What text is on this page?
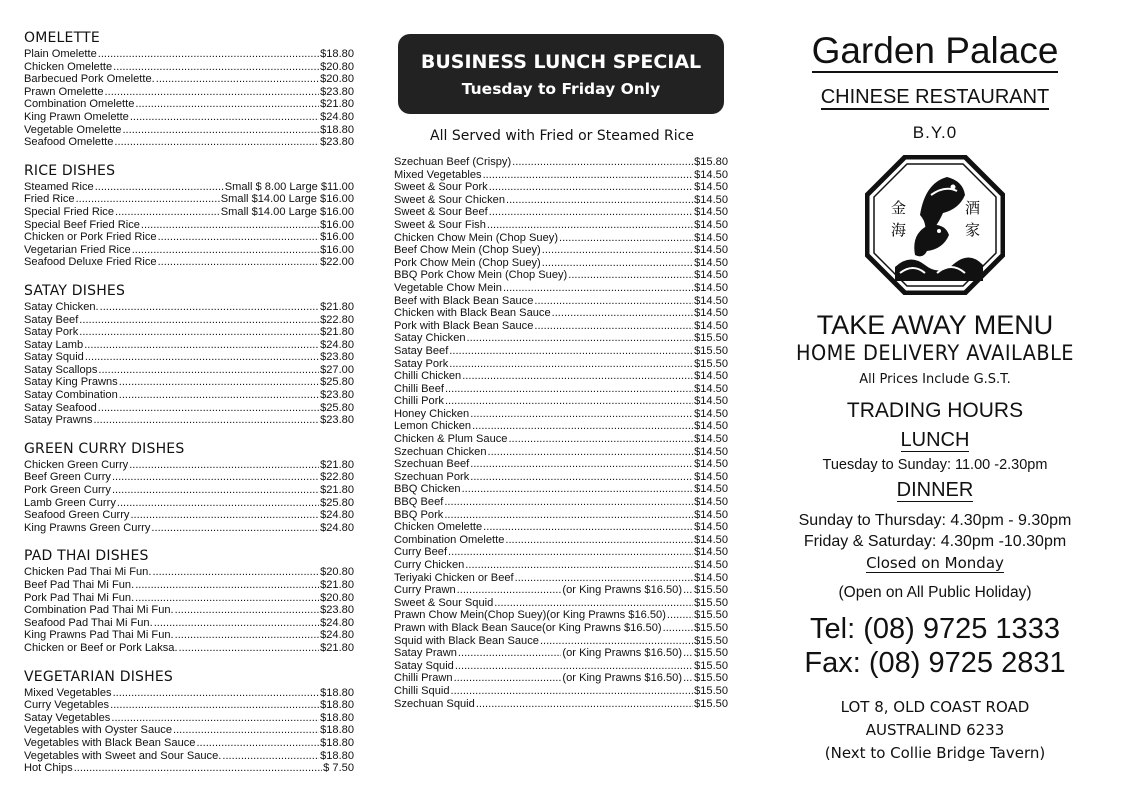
OMELETTE
Plain Omelette .....	$18.80
Chicken Omelette .....	$20.80
Barbecued Pork Omelette. .....	$20.80
Prawn Omelette .....	$23.80
Combination Omelette .....	$21.80
King Prawn Omelette .....	$24.80
Vegetable Omelette .....	$18.80
Seafood Omelette .....	$23.80
RICE DISHES
Steamed Rice .....	Small $ 8.00 Large $11.00
Fried Rice .....	Small $14.00 Large $16.00
Special Fried Rice .....	Small $14.00 Large $16.00
Special Beef Fried Rice .....	$16.00
Chicken or Pork Fried Rice .....	$16.00
Vegetarian Fried Rice .....	$16.00
Seafood Deluxe Fried Rice .....	$22.00
SATAY DISHES
Satay Chicken. .....	$21.80
Satay Beef .....	$22.80
Satay Pork .....	$21.80
Satay Lamb .....	$24.80
Satay Squid .....	$23.80
Satay Scallops .....	$27.00
Satay King Prawns .....	$25.80
Satay Combination .....	$23.80
Satay Seafood .....	$25.80
Satay Prawns .....	$23.80
GREEN CURRY DISHES
Chicken Green Curry .....	$21.80
Beef Green Curry .....	$22.80
Pork Green Curry .....	$21.80
Lamb Green Curry .....	$25.80
Seafood Green Curry .....	$24.80
King Prawns Green Curry .....	$24.80
PAD THAI DISHES
Chicken Pad Thai Mi Fun. .....	$20.80
Beef Pad Thai Mi Fun. .....	$21.80
Pork Pad Thai Mi Fun. .....	$20.80
Combination Pad Thai Mi Fun. .....	$23.80
Seafood Pad Thai Mi Fun. .....	$24.80
King Prawns Pad Thai Mi Fun. .....	$24.80
Chicken or Beef or Pork Laksa. .....	$21.80
VEGETARIAN DISHES
Mixed Vegetables .....	$18.80
Curry Vegetables .....	$18.80
Satay Vegetables .....	$18.80
Vegetables with Oyster Sauce .....	$18.80
Vegetables with Black Bean Sauce .....	$18.80
Vegetables with Sweet and Sour Sauce. .....	$18.80
Hot Chips .....	$ 7.50
BUSINESS LUNCH SPECIAL
Tuesday to Friday Only
All Served with Fried or Steamed Rice
Szechuan Beef (Crispy) .....	$15.80
Mixed Vegetables .....	$14.50
Sweet & Sour Pork .....	$14.50
Sweet & Sour Chicken .....	$14.50
Sweet & Sour Beef .....	$14.50
Sweet & Sour Fish .....	$14.50
Chicken Chow Mein (Chop Suey) .....	$14.50
Beef Chow Mein (Chop Suey) .....	$14.50
Pork Chow Mein (Chop Suey) .....	$14.50
BBQ Pork Chow Mein (Chop Suey) .....	$14.50
Vegetable Chow Mein .....	$14.50
Beef with Black Bean Sauce .....	$14.50
Chicken with Black Bean Sauce .....	$14.50
Pork with Black Bean Sauce .....	$14.50
Satay Chicken .....	$15.50
Satay Beef .....	$15.50
Satay Pork .....	$15.50
Chilli Chicken .....	$14.50
Chilli Beef .....	$14.50
Chilli Pork .....	$14.50
Honey Chicken .....	$14.50
Lemon Chicken .....	$14.50
Chicken & Plum Sauce .....	$14.50
Szechuan Chicken .....	$14.50
Szechuan Beef .....	$14.50
Szechuan Pork .....	$14.50
BBQ Chicken .....	$14.50
BBQ Beef .....	$14.50
BBQ Pork .....	$14.50
Chicken Omelette .....	$14.50
Combination Omelette .....	$14.50
Curry Beef .....	$14.50
Curry Chicken .....	$14.50
Teriyaki Chicken or Beef .....	$14.50
Curry Prawn .....	(or King Prawns $16.50) ..... $15.50
Sweet & Sour Squid .....	$15.50
Prawn Chow Mein(Chop Suey)(or King Prawns $16.50) .....	$15.50
Prawn with Black Bean Sauce(or King Prawns $16.50) .....	$15.50
Squid with Black Bean Sauce .....	$15.50
Satay Prawn .....	(or King Prawns $16.50) ..... $15.50
Satay Squid .....	$15.50
Chilli Prawn .....	(or King Prawns $16.50) ..... $15.50
Chilli Squid .....	$15.50
Szechuan Squid .....	$15.50
Garden Palace
CHINESE RESTAURANT
B.Y.0
金
海
酒
家
TAKE AWAY MENU
HOME DELIVERY AVAILABLE
All Prices Include G.S.T.
TRADING HOURS
LUNCH
Tuesday to Sunday: 11.00 -2.30pm
DINNER
Sunday to Thursday: 4.30pm - 9.30pm
Friday & Saturday: 4.30pm -10.30pm
Closed on Monday
(Open on All Public Holiday)
Tel: (08) 9725 1333
Fax: (08) 9725 2831
LOT 8, OLD COAST ROAD
AUSTRALIND 6233
(Next to Collie Bridge Tavern)
